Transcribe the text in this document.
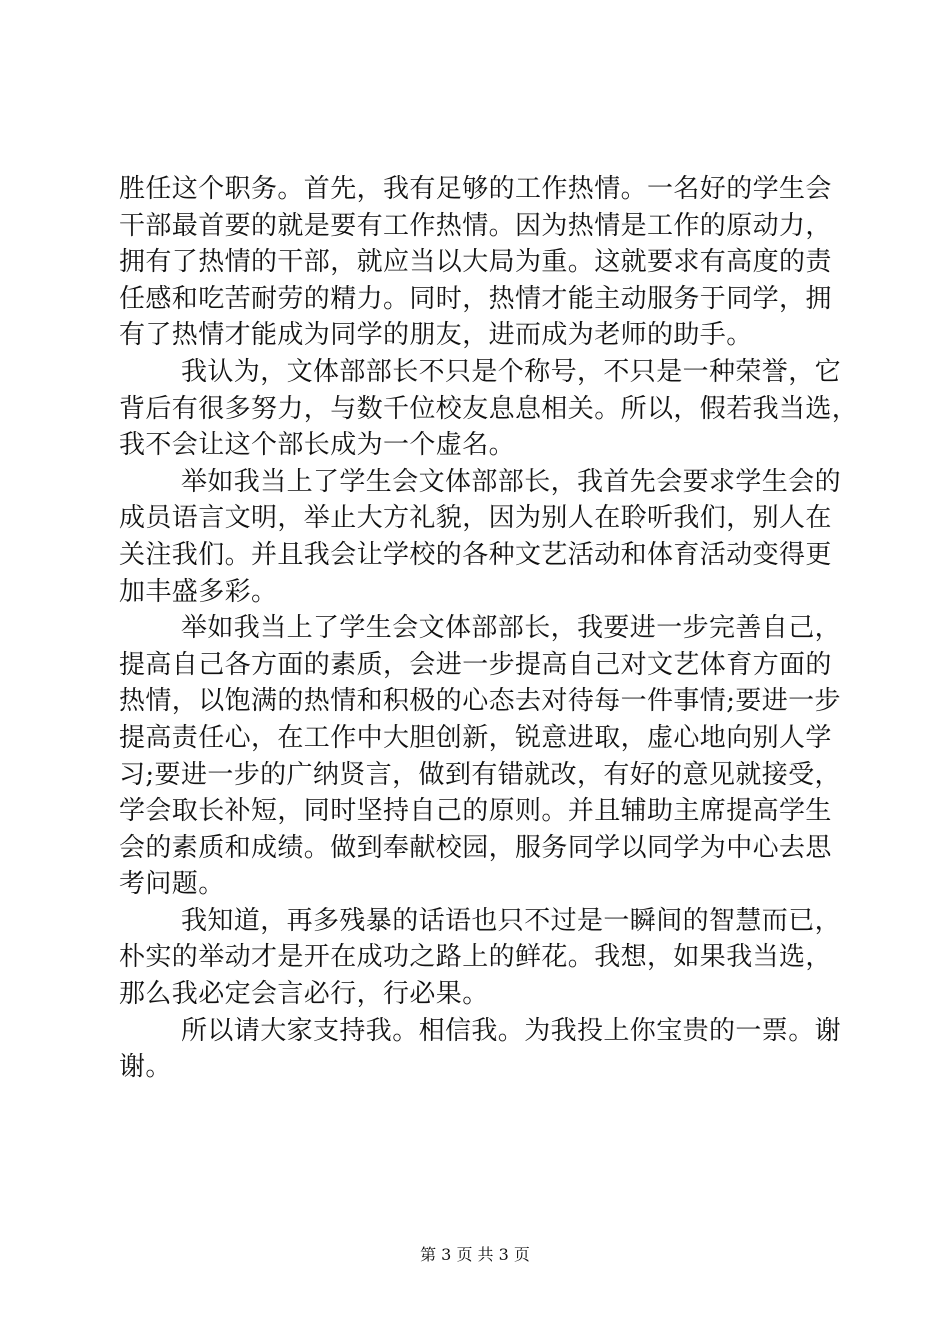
胜任这个职务。首先，我有足够的工作热情。一名好的学生会
干部最首要的就是要有工作热情。因为热情是工作的原动力，
拥有了热情的干部，就应当以大局为重。这就要求有高度的责
任感和吃苦耐劳的精力。同时，热情才能主动服务于同学，拥
有了热情才能成为同学的朋友，进而成为老师的助手。
我认为，文体部部长不只是个称号，不只是一种荣誉，它
背后有很多努力，与数千位校友息息相关。所以，假若我当选，
我不会让这个部长成为一个虚名。
举如我当上了学生会文体部部长，我首先会要求学生会的
成员语言文明，举止大方礼貌，因为别人在聆听我们，别人在
关注我们。并且我会让学校的各种文艺活动和体育活动变得更
加丰盛多彩。
举如我当上了学生会文体部部长，我要进一步完善自己，
提高自己各方面的素质，会进一步提高自己对文艺体育方面的
热情，以饱满的热情和积极的心态去对待每一件事情;要进一步
提高责任心，在工作中大胆创新，锐意进取，虚心地向别人学
习;要进一步的广纳贤言，做到有错就改，有好的意见就接受，
学会取长补短，同时坚持自己的原则。并且辅助主席提高学生
会的素质和成绩。做到奉献校园，服务同学以同学为中心去思
考问题。
我知道，再多残暴的话语也只不过是一瞬间的智慧而已，
朴实的举动才是开在成功之路上的鲜花。我想，如果我当选，
那么我必定会言必行，行必果。
所以请大家支持我。相信我。为我投上你宝贵的一票。谢
谢。
第 3 页 共 3 页
